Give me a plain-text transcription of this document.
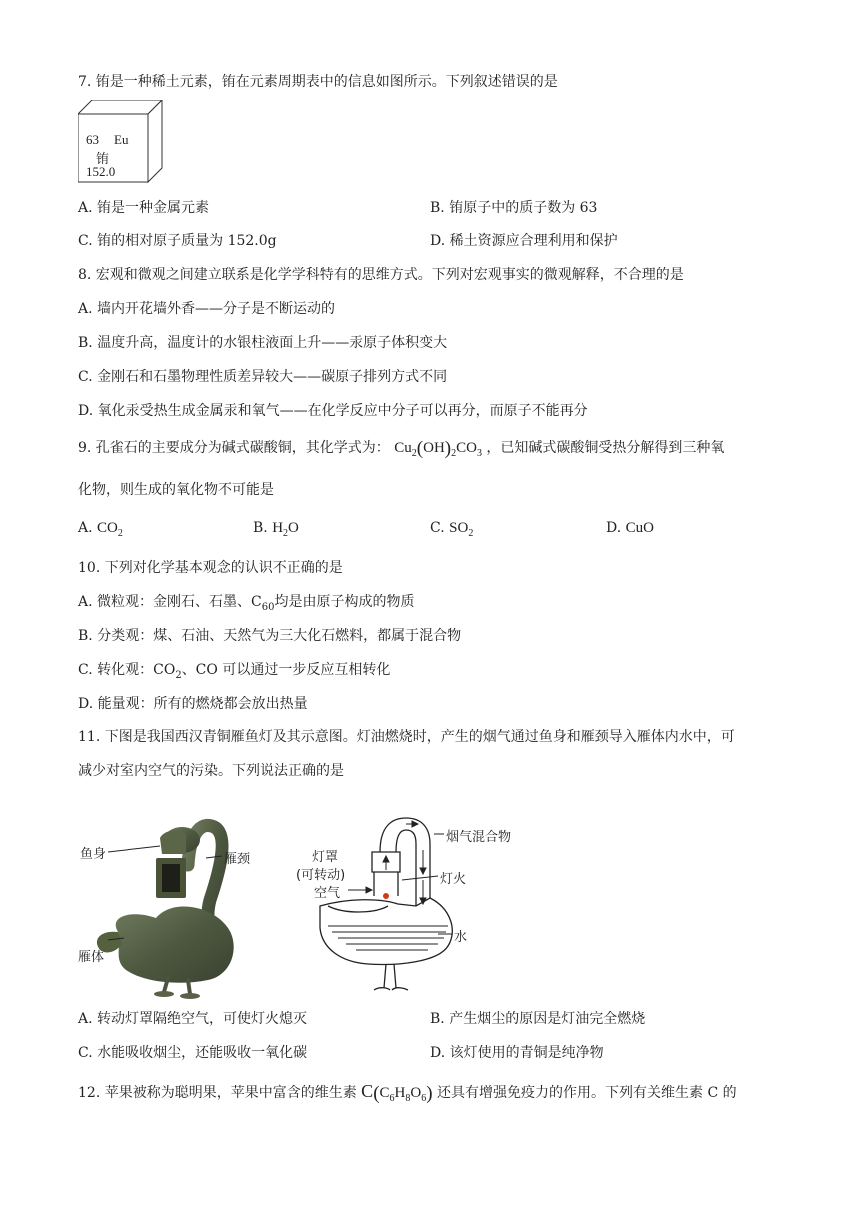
7. 铕是一种稀土元素，铕在元素周期表中的信息如图所示。下列叙述错误的是
63 Eu
铕
152.0
A. 铕是一种金属元素	B. 铕原子中的质子数为 63
C. 铕的相对原子质量为 152.0g	D. 稀土资源应合理利用和保护
8. 宏观和微观之间建立联系是化学学科特有的思维方式。下列对宏观事实的微观解释，不合理的是
A. 墙内开花墙外香——分子是不断运动的
B. 温度升高，温度计的水银柱液面上升——汞原子体积变大
C. 金刚石和石墨物理性质差异较大——碳原子排列方式不同
D. 氧化汞受热生成金属汞和氧气——在化学反应中分子可以再分，而原子不能再分
9. 孔雀石的主要成分为碱式碳酸铜，其化学式为： $Cu_2(OH)_2CO_3$ ，已知碱式碳酸铜受热分解得到三种氧
化物，则生成的氧化物不可能是
A. $CO_2$	B. $H_2O$	C. $SO_2$	D. CuO
10. 下列对化学基本观念的认识不正确的是
A. 微粒观：金刚石、石墨、$C_{60}$均是由原子构成的物质
B. 分类观：煤、石油、天然气为三大化石燃料，都属于混合物
C. 转化观：$CO_2$、CO 可以通过一步反应互相转化
D. 能量观：所有的燃烧都会放出热量
11. 下图是我国西汉青铜雁鱼灯及其示意图。灯油燃烧时，产生的烟气通过鱼身和雁颈导入雁体内水中，可
减少对室内空气的污染。下列说法正确的是
鱼身	雁颈
雁体
烟气混合物
灯罩
(可转动)
空气
灯火
水
A. 转动灯罩隔绝空气，可使灯火熄灭	B. 产生烟尘的原因是灯油完全燃烧
C. 水能吸收烟尘，还能吸收一氧化碳	D. 该灯使用的青铜是纯净物
12. 苹果被称为聪明果，苹果中富含的维生素 $C(C_6H_8O_6)$ 还具有增强免疫力的作用。下列有关维生素 C 的
